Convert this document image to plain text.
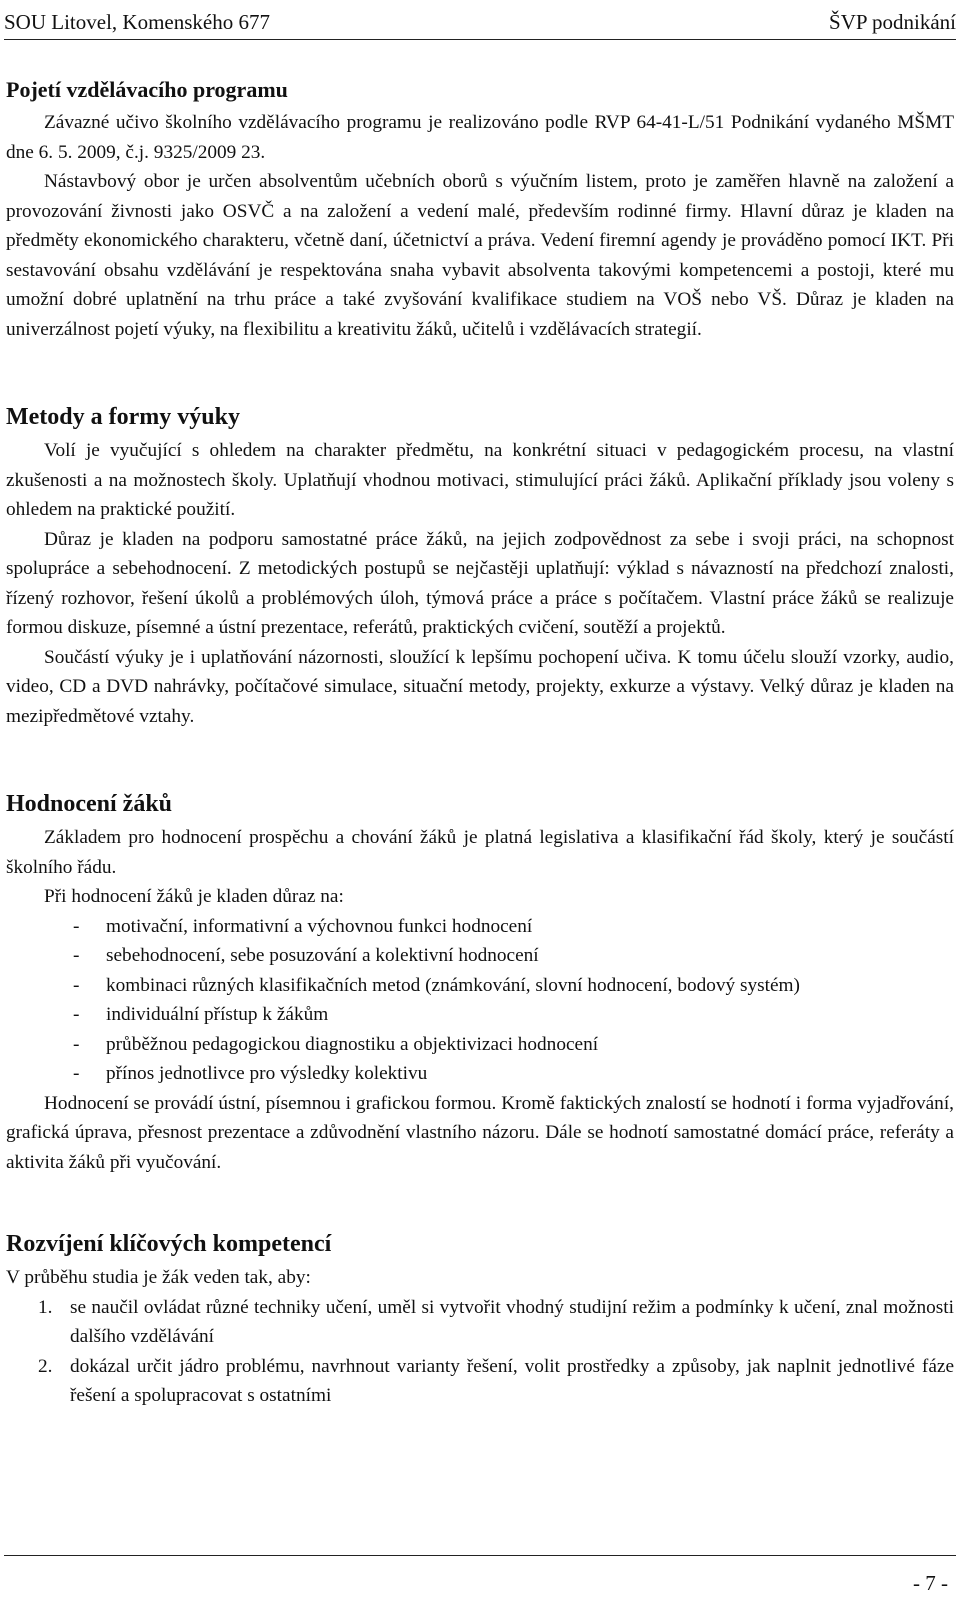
SOU Litovel, Komenského 677	ŠVP podnikání
Pojetí vzdělávacího programu

Závazné učivo školního vzdělávacího programu je realizováno podle RVP 64-41-L/51 Podnikání vydaného MŠMT dne 6. 5. 2009, č.j. 9325/2009 23.

Nástavbový obor je určen absolventům učebních oborů s výučním listem, proto je zaměřen hlavně na založení a provozování živnosti jako OSVČ a na založení a vedení malé, především rodinné firmy. Hlavní důraz je kladen na předměty ekonomického charakteru, včetně daní, účetnictví a práva. Vedení firemní agendy je prováděno pomocí IKT. Při sestavování obsahu vzdělávání je respektována snaha vybavit absolventa takovými kompetencemi a postoji, které mu umožní dobré uplatnění na trhu práce a také zvyšování kvalifikace studiem na VOŠ nebo VŠ. Důraz je kladen na univerzálnost pojetí výuky, na flexibilitu a kreativitu žáků, učitelů i vzdělávacích strategií.

Metody a formy výuky

Volí je vyučující s ohledem na charakter předmětu, na konkrétní situaci v pedagogickém procesu, na vlastní zkušenosti a na možnostech školy. Uplatňují vhodnou motivaci, stimulující práci žáků. Aplikační příklady jsou voleny s ohledem na praktické použití.

Důraz je kladen na podporu samostatné práce žáků, na jejich zodpovědnost za sebe i svoji práci, na schopnost spolupráce a sebehodnocení. Z metodických postupů se nejčastěji uplatňují: výklad s návazností na předchozí znalosti, řízený rozhovor, řešení úkolů a problémových úloh, týmová práce a práce s počítačem. Vlastní práce žáků se realizuje formou diskuze, písemné a ústní prezentace, referátů, praktických cvičení, soutěží a projektů.

Součástí výuky je i uplatňování názornosti, sloužící k lepšímu pochopení učiva. K tomu účelu slouží vzorky, audio, video, CD a DVD nahrávky, počítačové simulace, situační metody, projekty, exkurze a výstavy. Velký důraz je kladen na mezipředmětové vztahy.

Hodnocení žáků

Základem pro hodnocení prospěchu a chování žáků je platná legislativa a klasifikační řád školy, který je součástí školního řádu.

Při hodnocení žáků je kladen důraz na:

- motivační, informativní a výchovnou funkci hodnocení
- sebehodnocení, sebe posuzování a kolektivní hodnocení
- kombinaci různých klasifikačních metod (známkování, slovní hodnocení, bodový systém)
- individuální přístup k žákům
- průběžnou pedagogickou diagnostiku a objektivizaci hodnocení
- přínos jednotlivce pro výsledky kolektivu

Hodnocení se provádí ústní, písemnou i grafickou formou. Kromě faktických znalostí se hodnotí i forma vyjadřování, grafická úprava, přesnost prezentace a zdůvodnění vlastního názoru. Dále se hodnotí samostatné domácí práce, referáty a aktivita žáků při vyučování.

Rozvíjení klíčových kompetencí

V průběhu studia je žák veden tak, aby:

1. se naučil ovládat různé techniky učení, uměl si vytvořit vhodný studijní režim a podmínky k učení, znal možnosti dalšího vzdělávání
2. dokázal určit jádro problému, navrhnout varianty řešení, volit prostředky a způsoby, jak naplnit jednotlivé fáze řešení a spolupracovat s ostatními
- 7 -
